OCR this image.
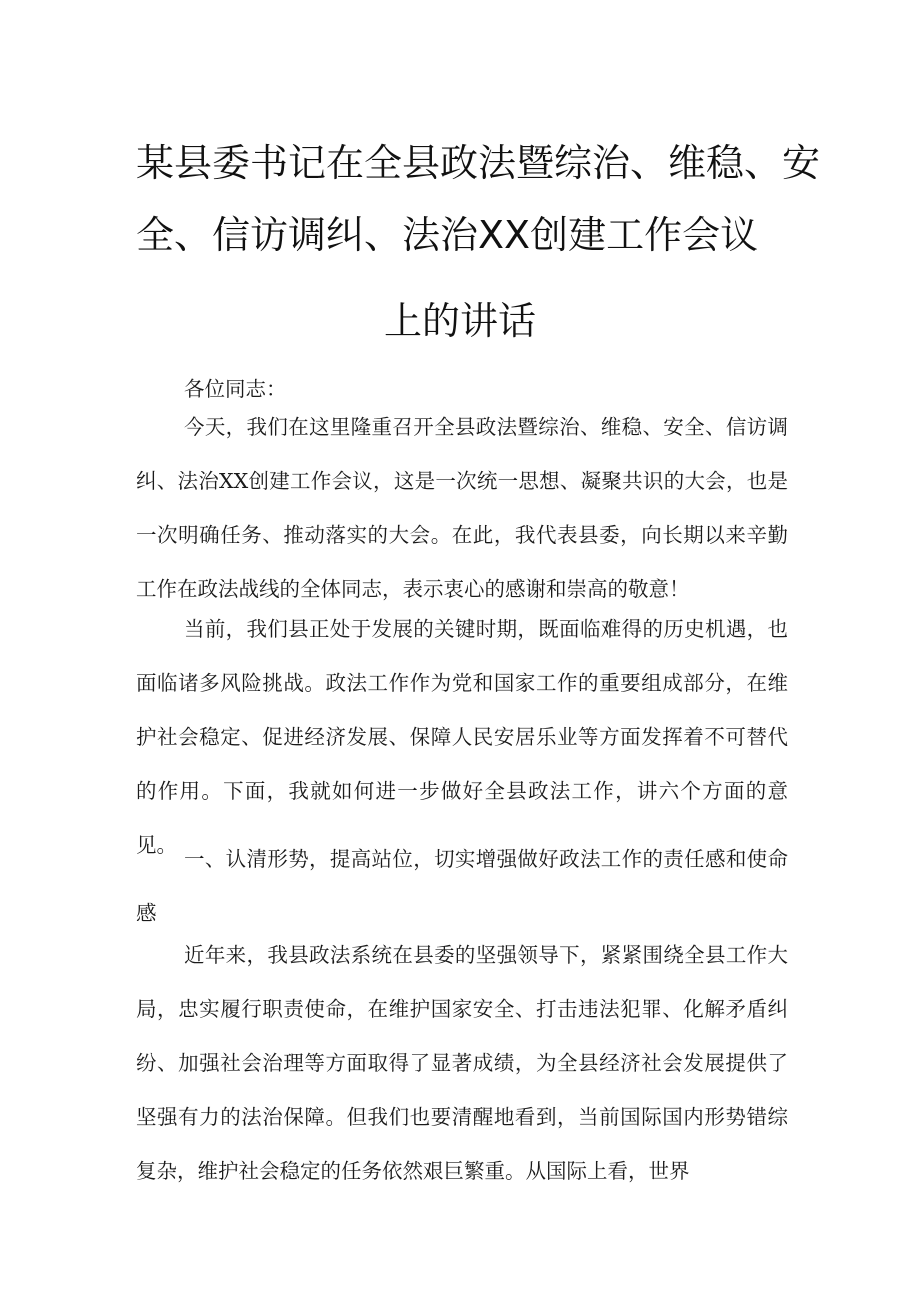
某县委书记在全县政法暨综治、维稳、安
全、信访调纠、法治XX创建工作会议
上的讲话

各位同志：

今天，我们在这里隆重召开全县政法暨综治、维稳、安全、信访调纠、法治XX创建工作会议，这是一次统一思想、凝聚共识的大会，也是一次明确任务、推动落实的大会。在此，我代表县委，向长期以来辛勤工作在政法战线的全体同志，表示衷心的感谢和崇高的敬意！

当前，我们县正处于发展的关键时期，既面临难得的历史机遇，也面临诸多风险挑战。政法工作作为党和国家工作的重要组成部分，在维护社会稳定、促进经济发展、保障人民安居乐业等方面发挥着不可替代的作用。下面，我就如何进一步做好全县政法工作，讲六个方面的意见。

一、认清形势，提高站位，切实增强做好政法工作的责任感和使命感

近年来，我县政法系统在县委的坚强领导下，紧紧围绕全县工作大局，忠实履行职责使命，在维护国家安全、打击违法犯罪、化解矛盾纠纷、加强社会治理等方面取得了显著成绩，为全县经济社会发展提供了坚强有力的法治保障。但我们也要清醒地看到，当前国际国内形势错综复杂，维护社会稳定的任务依然艰巨繁重。从国际上看，世界
